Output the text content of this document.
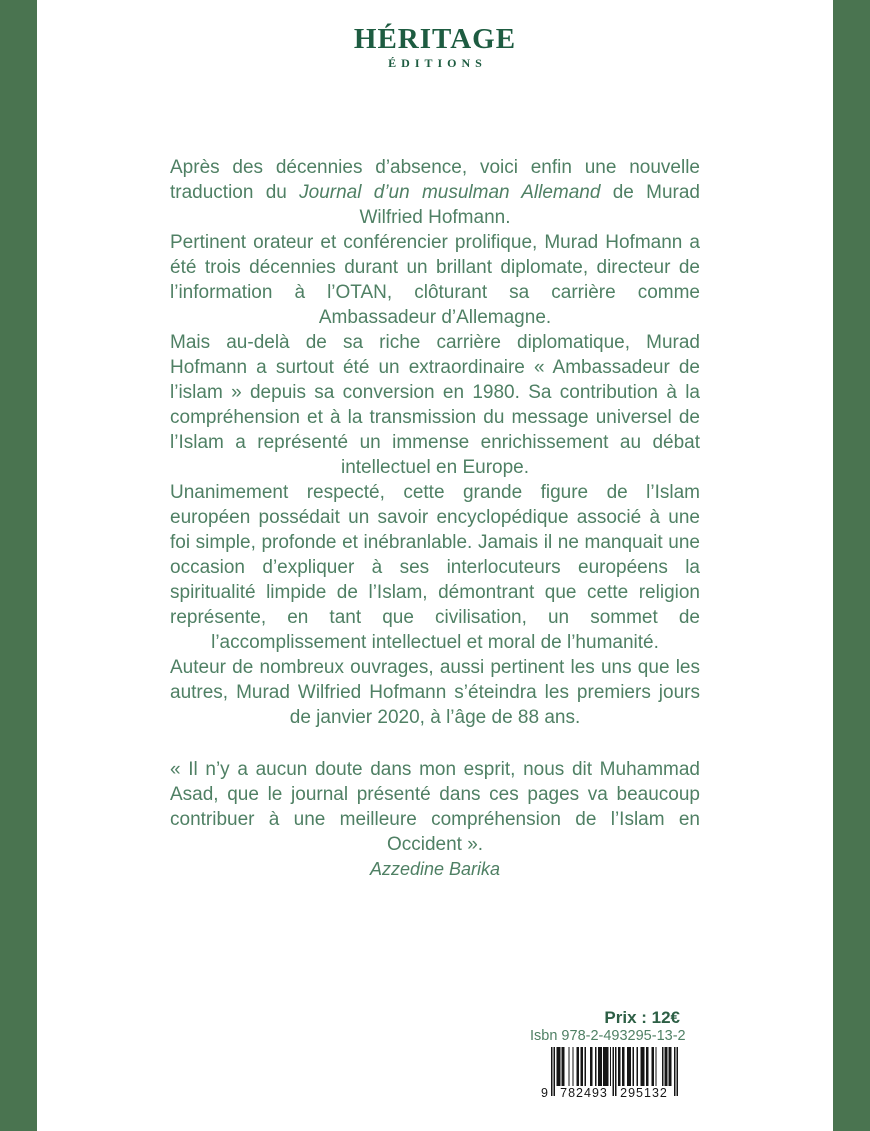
HÉRITAGE
ÉDITIONS

Après des décennies d’absence, voici enfin une nouvelle traduction du Journal d’un musulman Allemand de Murad Wilfried Hofmann.

Pertinent orateur et conférencier prolifique, Murad Hofmann a été trois décennies durant un brillant diplomate, directeur de l’information à l’OTAN, clôturant sa carrière comme Ambassadeur d’Allemagne.

Mais au-delà de sa riche carrière diplomatique, Murad Hofmann a surtout été un extraordinaire « Ambassadeur de l’islam » depuis sa conversion en 1980. Sa contribution à la compréhension et à la transmission du message universel de l’Islam a représenté un immense enrichissement au débat intellectuel en Europe.

Unanimement respecté, cette grande figure de l’Islam européen possédait un savoir encyclopédique associé à une foi simple, profonde et inébranlable. Jamais il ne manquait une occasion d’expliquer à ses interlocuteurs européens la spiritualité limpide de l’Islam, démontrant que cette religion représente, en tant que civilisation, un sommet de l’accomplissement intellectuel et moral de l’humanité.

Auteur de nombreux ouvrages, aussi pertinent les uns que les autres, Murad Wilfried Hofmann s’éteindra les premiers jours de janvier 2020, à l’âge de 88 ans.

« Il n’y a aucun doute dans mon esprit, nous dit Muhammad Asad, que le journal présenté dans ces pages va beaucoup contribuer à une meilleure compréhension de l’Islam en Occident ».

Azzedine Barika

Prix : 12€
Isbn 978-2-493295-13-2
9 782493 295132
